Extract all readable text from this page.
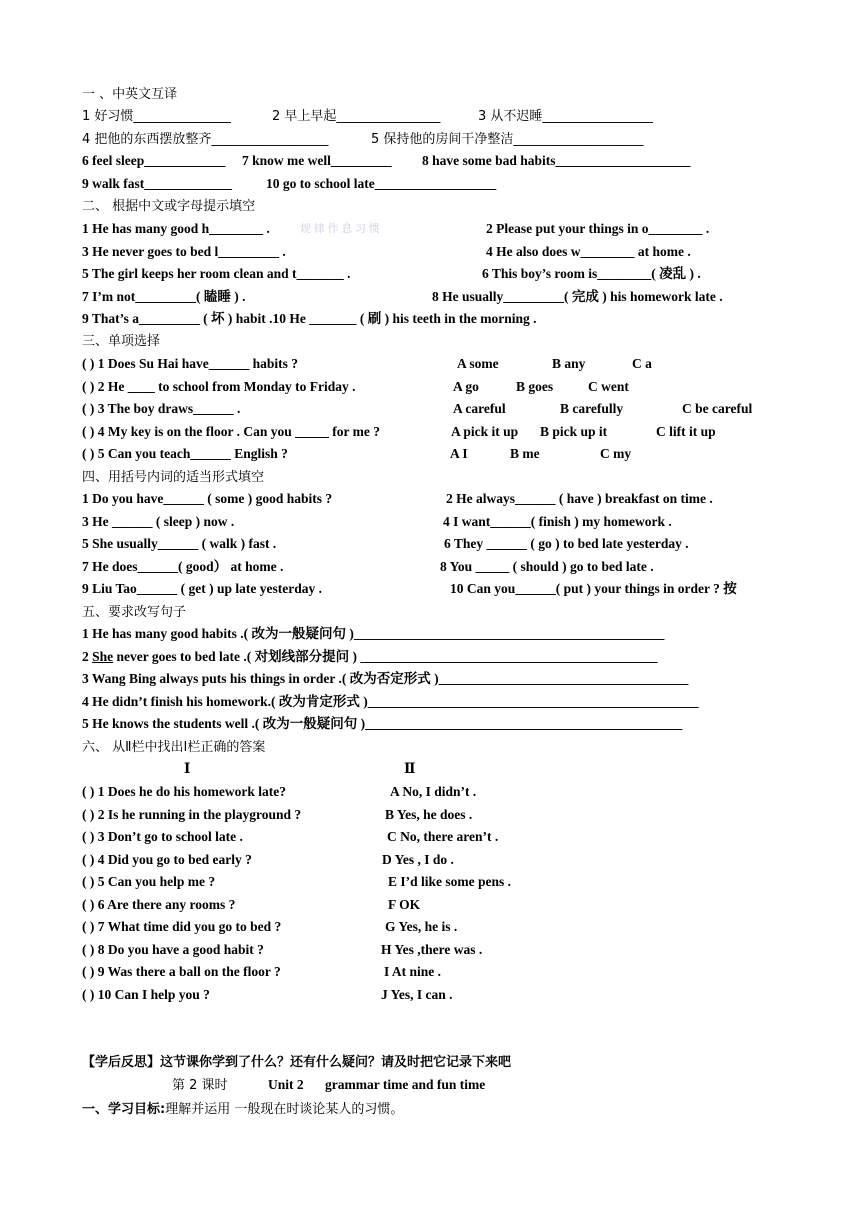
一 、中英文互译
1 好习惯_______________	2 早上早起________________	3 从不迟睡_________________
4 把他的东西摆放整齐__________________	5 保持他的房间干净整洁____________________
6 feel sleep____________ 7 know me well_________ 8 have some bad habits____________________
9 walk fast_____________	10 go to school late__________________
二、 根据中文或字母提示填空
规 律 作 息 习 惯
1 He has many good h________ .	2 Please put your things in o________ .
3 He never goes to bed l_________ .	4 He also does w________ at home .
5 The girl keeps her room clean and t_______ .	6 This boy’s room is________( 凌乱 ) .
7 I’m not_________( 瞌睡 ) .	8 He usually_________( 完成 ) his homework late .
9 That’s a_________ ( 坏 ) habit .10 He _______ ( 刷 ) his teeth in the morning .
三、单项选择
( ) 1 Does Su Hai have______ habits ?	A some	B any	C a
( ) 2 He ____ to school from Monday to Friday .	A go	B goes	C went
( ) 3 The boy draws______ .	A careful	B carefully	C be careful
( ) 4 My key is on the floor . Can you _____ for me ?	A pick it up B pick up it	C lift it up
( ) 5 Can you teach______ English ?	A I	B me	C my
四、用括号内词的适当形式填空
1 Do you have______ ( some ) good habits ?	2 He always______ ( have ) breakfast on time .
3 He ______ ( sleep ) now .	4 I want______( finish ) my homework .
5 She usually______ ( walk ) fast .	6 They ______ ( go ) to bed late yesterday .
7 He does______( good） at home .	8 You _____ ( should ) go to bed late .
9 Liu Tao______ ( get ) up late yesterday .	10 Can you______( put ) your things in order ? 按
五、要求改写句子
1 He has many good habits .( 改为一般疑问句 )______________________________________________
2 She never goes to bed late .( 对划线部分提问 ) ____________________________________________
3 Wang Bing always puts his things in order .( 改为否定形式 )_____________________________________
4 He didn’t finish his homework.( 改为肯定形式 )_________________________________________________
5 He knows the students well .( 改为一般疑问句 )_______________________________________________
六、 从Ⅱ栏中找出Ⅰ栏正确的答案
Ⅰ	Ⅱ
( ) 1 Does he do his homework late?	A No, I didn’t .
( ) 2 Is he running in the playground ?	B Yes, he does .
( ) 3 Don’t go to school late .	C No, there aren’t .
( ) 4 Did you go to bed early ?	D Yes , I do .
( ) 5 Can you help me ?	E I’d like some pens .
( ) 6 Are there any rooms ?	F OK
( ) 7 What time did you go to bed ?	G Yes, he is .
( ) 8 Do you have a good habit ?	H Yes ,there was .
( ) 9 Was there a ball on the floor ?	I At nine .
( ) 10 Can I help you ?	J Yes, I can .
【学后反思】这节课你学到了什么？还有什么疑问？请及时把它记录下来吧
第 2 课时	Unit 2 grammar time and fun time
一、学习目标:理解并运用 一般现在时谈论某人的习惯。
